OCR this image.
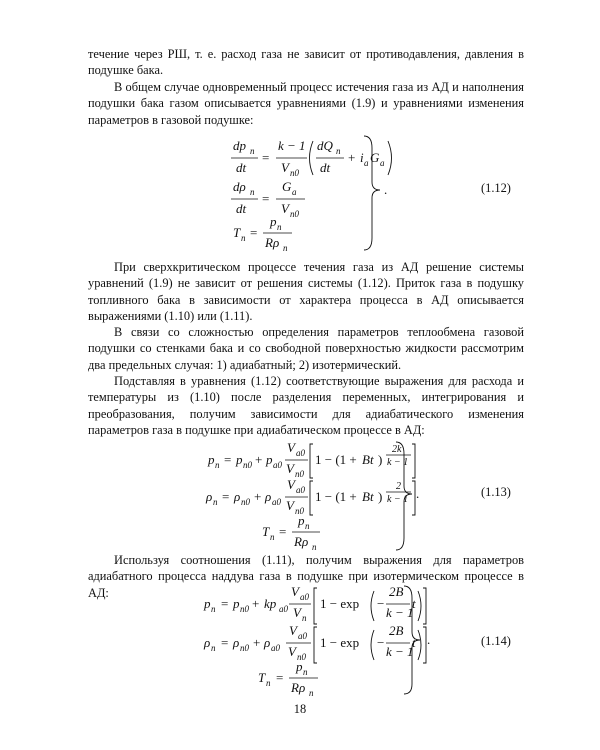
течение через РШ, т. е. расход газа не зависит от противодавления, давления в подушке бака.

В общем случае одновременный процесс истечения газа из АД и наполнения подушки бака газом описывается уравнениями (1.9) и уравнениями изменения параметров в газовой подушке:

dp n
dt
=
k − 1
V n0
dQ n
dt
+ i a G a
dρ n
dt
=
G a
V n0
T n =
p n
Rρ n
.	(1.12)

При сверхкритическом процессе течения газа из АД решение системы уравнений (1.9) не зависит от решения системы (1.12). Приток газа в подушку топливного бака в зависимости от характера процесса в АД описывается выражениями (1.10) или (1.11).

В связи со сложностью определения параметров теплообмена газовой подушки со стенками бака и со свободной поверхностью жидкости рассмотрим два предельных случая: 1) адиабатный; 2) изотермический.

Подставляя в уравнения (1.12) соответствующие выражения для расхода и температуры из (1.10) после разделения переменных, интегрирования и преобразования, получим зависимости для адиабатического изменения параметров газа в подушке при адиабатическом процессе в АД:

p n = p n0 + p a0
V a0
V n0
1 − (1 + Bt )
2k
k − 1
ρ n = ρ n0 + ρ a0
V a0
V n0
1 − (1 + Bt )
2
k − 1
T n =
p n
Rρ n
.	(1.13)

Используя соотношения (1.11), получим выражения для параметров адиабатного процесса наддува газа в подушке при изотермическом процессе в АД:

p n = p n0 + kp a0
V a0
V n
1 − exp −
2B
k − 1
t
ρ n = ρ n0 + ρ a0
V a0
V n0
1 − exp −
2B
k − 1
t
T n =
p n
Rρ n
.	(1.14)
18
